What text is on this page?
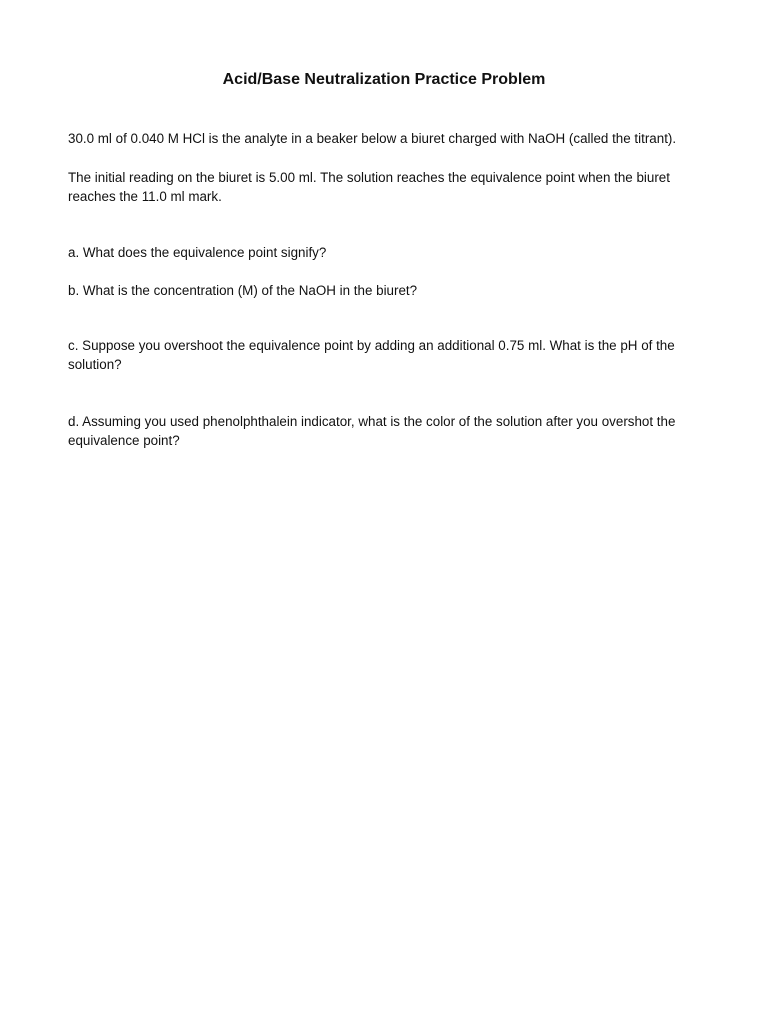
Acid/Base Neutralization Practice Problem

30.0 ml of 0.040 M HCl is the analyte in a beaker below a biuret charged with NaOH (called the titrant).

The initial reading on the biuret is 5.00 ml. The solution reaches the equivalence point when the biuret reaches the 11.0 ml mark.

a. What does the equivalence point signify?

b. What is the concentration (M) of the NaOH in the biuret?

c. Suppose you overshoot the equivalence point by adding an additional 0.75 ml. What is the pH of the solution?

d. Assuming you used phenolphthalein indicator, what is the color of the solution after you overshot the equivalence point?
